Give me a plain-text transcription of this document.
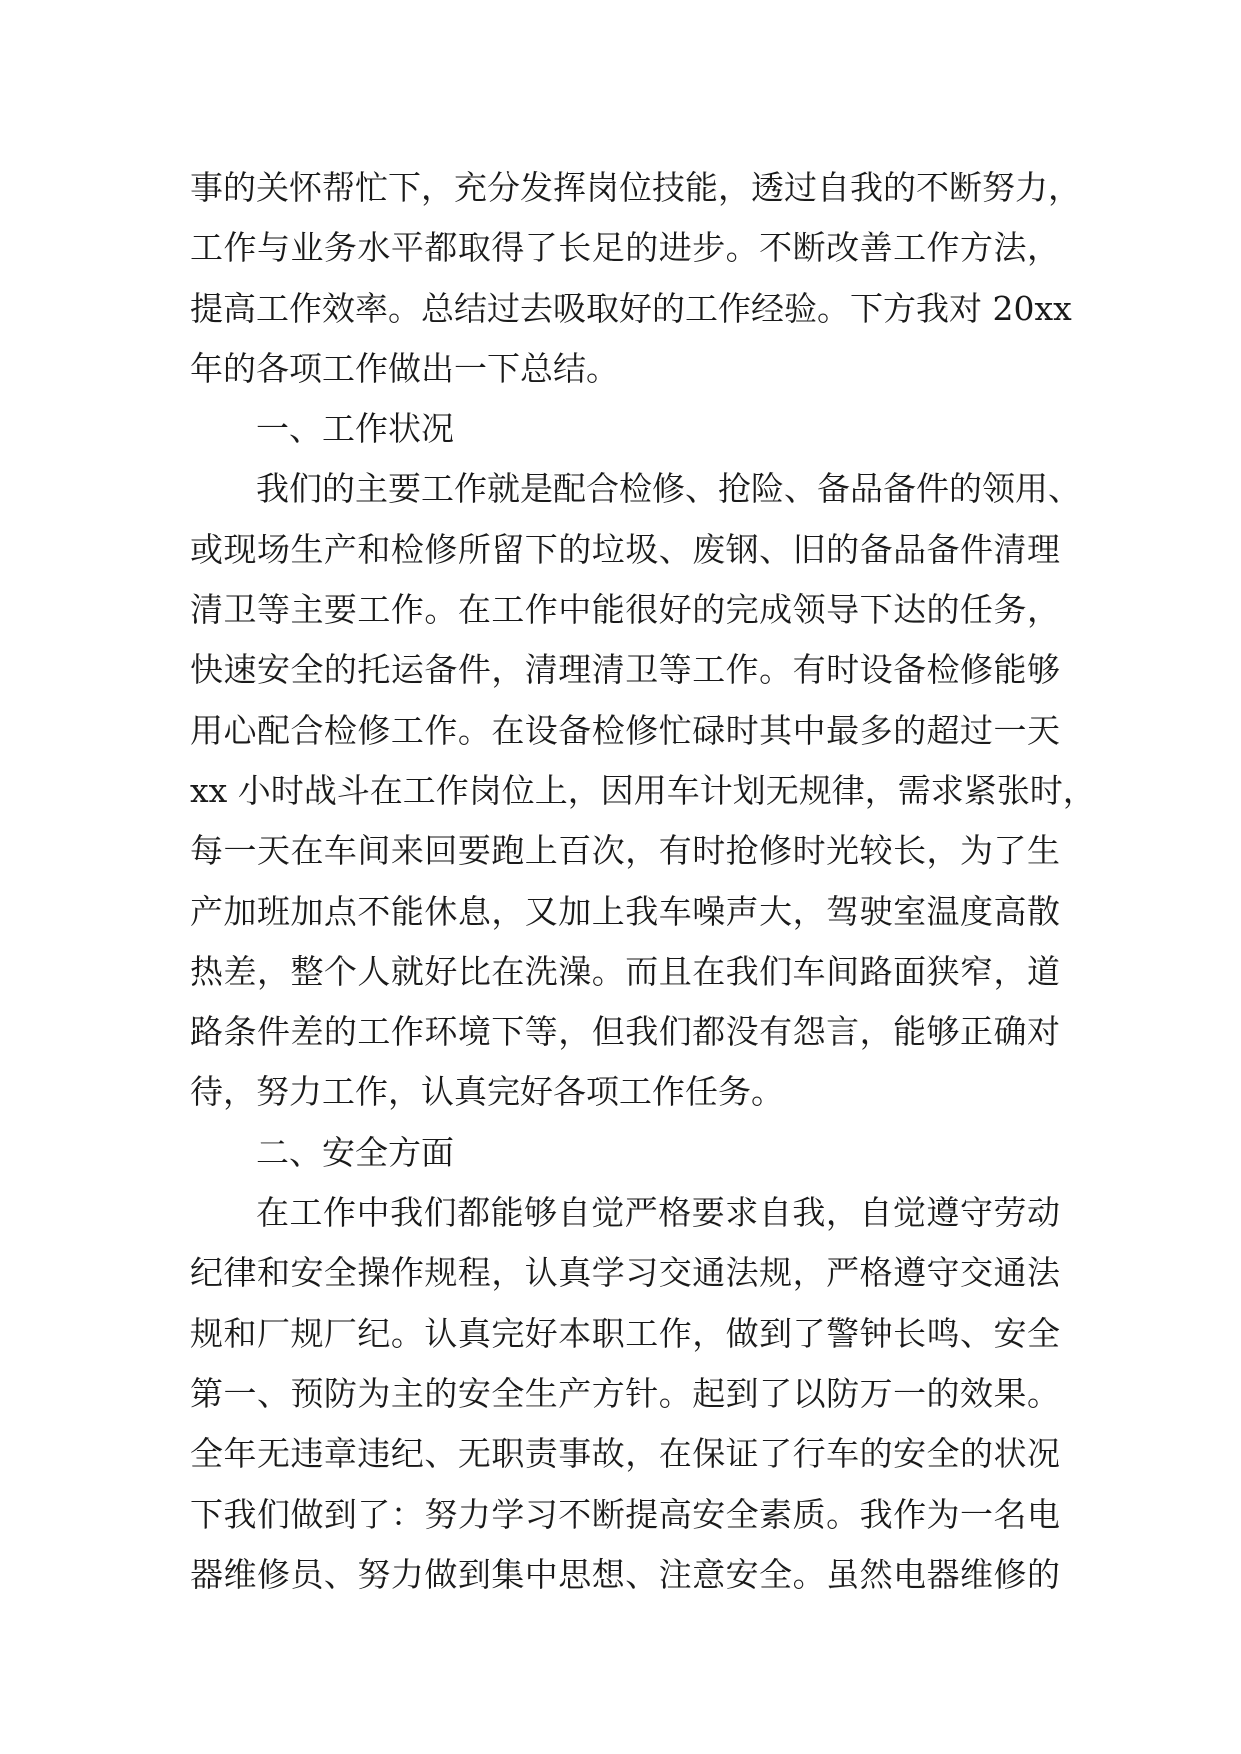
事的关怀帮忙下，充分发挥岗位技能，透过自我的不断努力，
工作与业务水平都取得了长足的进步。不断改善工作方法，
提高工作效率。总结过去吸取好的工作经验。下方我对 20xx
年的各项工作做出一下总结。
一、工作状况
我们的主要工作就是配合检修、抢险、备品备件的领用、
或现场生产和检修所留下的垃圾、废钢、旧的备品备件清理
清卫等主要工作。在工作中能很好的完成领导下达的任务，
快速安全的托运备件，清理清卫等工作。有时设备检修能够
用心配合检修工作。在设备检修忙碌时其中最多的超过一天
xx 小时战斗在工作岗位上，因用车计划无规律，需求紧张时，
每一天在车间来回要跑上百次，有时抢修时光较长，为了生
产加班加点不能休息，又加上我车噪声大，驾驶室温度高散
热差，整个人就好比在洗澡。而且在我们车间路面狭窄，道
路条件差的工作环境下等，但我们都没有怨言，能够正确对
待，努力工作，认真完好各项工作任务。
二、安全方面
在工作中我们都能够自觉严格要求自我，自觉遵守劳动
纪律和安全操作规程，认真学习交通法规，严格遵守交通法
规和厂规厂纪。认真完好本职工作，做到了警钟长鸣、安全
第一、预防为主的安全生产方针。起到了以防万一的效果。
全年无违章违纪、无职责事故，在保证了行车的安全的状况
下我们做到了：努力学习不断提高安全素质。我作为一名电
器维修员、努力做到集中思想、注意安全。虽然电器维修的
